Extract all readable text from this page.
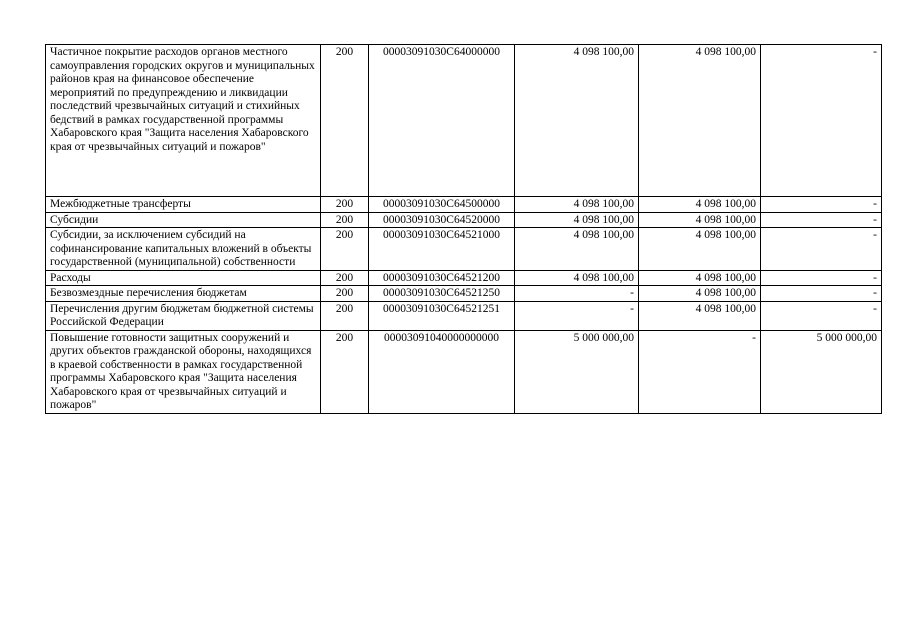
Частичное покрытие расходов органов местного самоуправления городских округов и муниципальных районов края на финансовое обеспечение мероприятий по предупреждению и ликвидации последствий чрезвычайных ситуаций и стихийных бедствий в рамках государственной программы Хабаровского края "Защита населения Хабаровского края от чрезвычайных ситуаций и пожаров"	200	00003091030С64000000	4 098 100,00	4 098 100,00	-
Межбюджетные трансферты	200	00003091030С64500000	4 098 100,00	4 098 100,00	-
Субсидии	200	00003091030С64520000	4 098 100,00	4 098 100,00	-
Субсидии, за исключением субсидий на софинансирование капитальных вложений в объекты государственной (муниципальной) собственности	200	00003091030С64521000	4 098 100,00	4 098 100,00	-
Расходы	200	00003091030С64521200	4 098 100,00	4 098 100,00	-
Безвозмездные перечисления бюджетам	200	00003091030С64521250	-	4 098 100,00	-
Перечисления другим бюджетам бюджетной системы Российской Федерации	200	00003091030С64521251	-	4 098 100,00	-
Повышение готовности защитных сооружений и других объектов гражданской обороны, находящихся в краевой собственности в рамках государственной программы Хабаровского края "Защита населения Хабаровского края от чрезвычайных ситуаций и пожаров"	200	00003091040000000000	5 000 000,00	-	5 000 000,00
